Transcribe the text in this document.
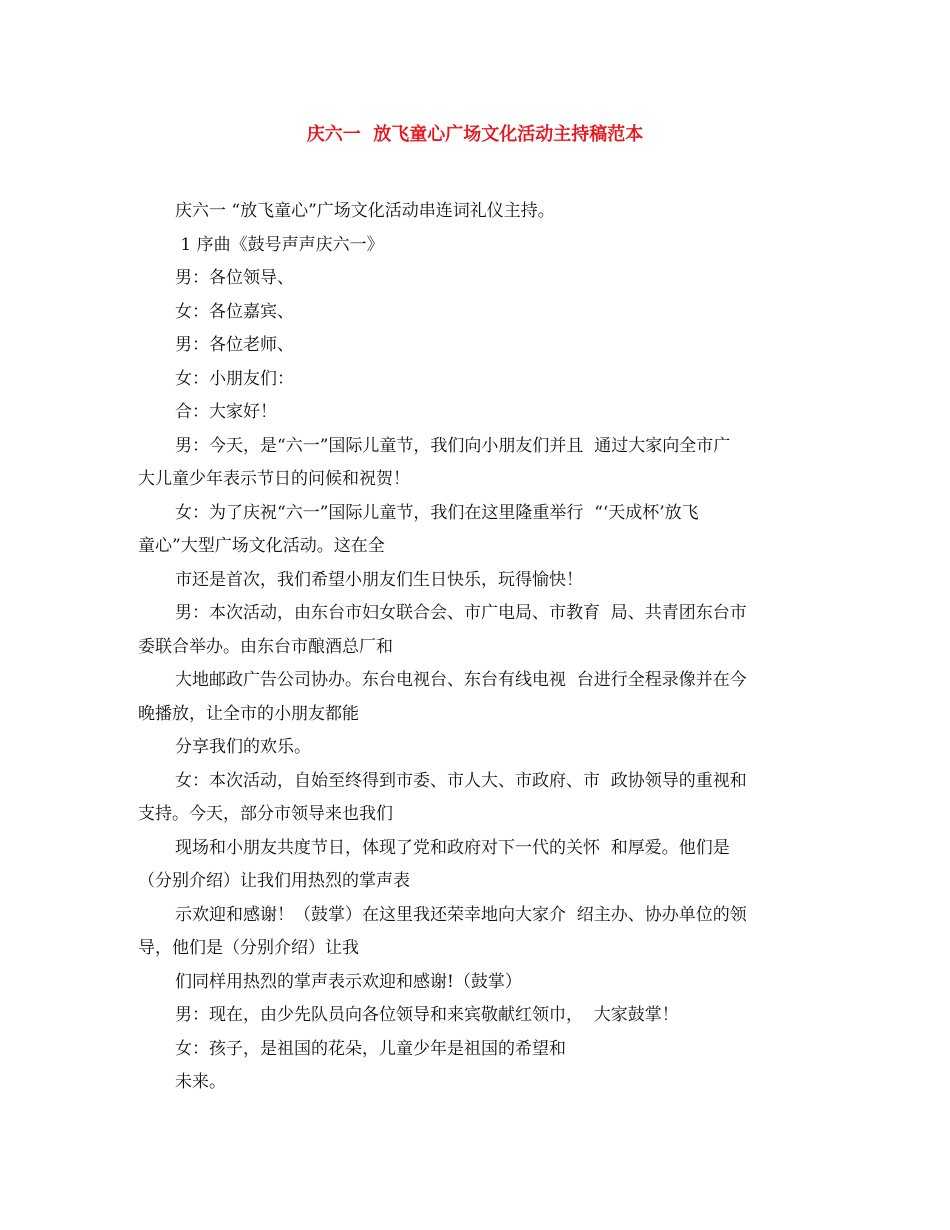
庆六一  放飞童心广场文化活动主持稿范本
庆六一 “放飞童心”广场文化活动串连词礼仪主持。
1 序曲《鼓号声声庆六一》
男：各位领导、
女：各位嘉宾、
男：各位老师、
女：小朋友们：
合：大家好！
男：今天，是“六一”国际儿童节，我们向小朋友们并且  通过大家向全市广
大儿童少年表示节日的问候和祝贺！
女：为了庆祝“六一”国际儿童节，我们在这里隆重举行  “‘天成杯’放飞
童心”大型广场文化活动。这在全
市还是首次，我们希望小朋友们生日快乐，玩得愉快！
男：本次活动，由东台市妇女联合会、市广电局、市教育  局、共青团东台市
委联合举办。由东台市酿酒总厂和
大地邮政广告公司协办。东台电视台、东台有线电视  台进行全程录像并在今
晚播放，让全市的小朋友都能
分享我们的欢乐。
女：本次活动，自始至终得到市委、市人大、市政府、市  政协领导的重视和
支持。今天，部分市领导来也我们
现场和小朋友共度节日，体现了党和政府对下一代的关怀  和厚爱。他们是
（分别介绍）让我们用热烈的掌声表
示欢迎和感谢！（鼓掌）在这里我还荣幸地向大家介  绍主办、协办单位的领
导，他们是（分别介绍）让我
们同样用热烈的掌声表示欢迎和感谢!（鼓掌）
男：现在，由少先队员向各位领导和来宾敬献红领巾，  大家鼓掌！
女：孩子，是祖国的花朵，儿童少年是祖国的希望和
未来。
